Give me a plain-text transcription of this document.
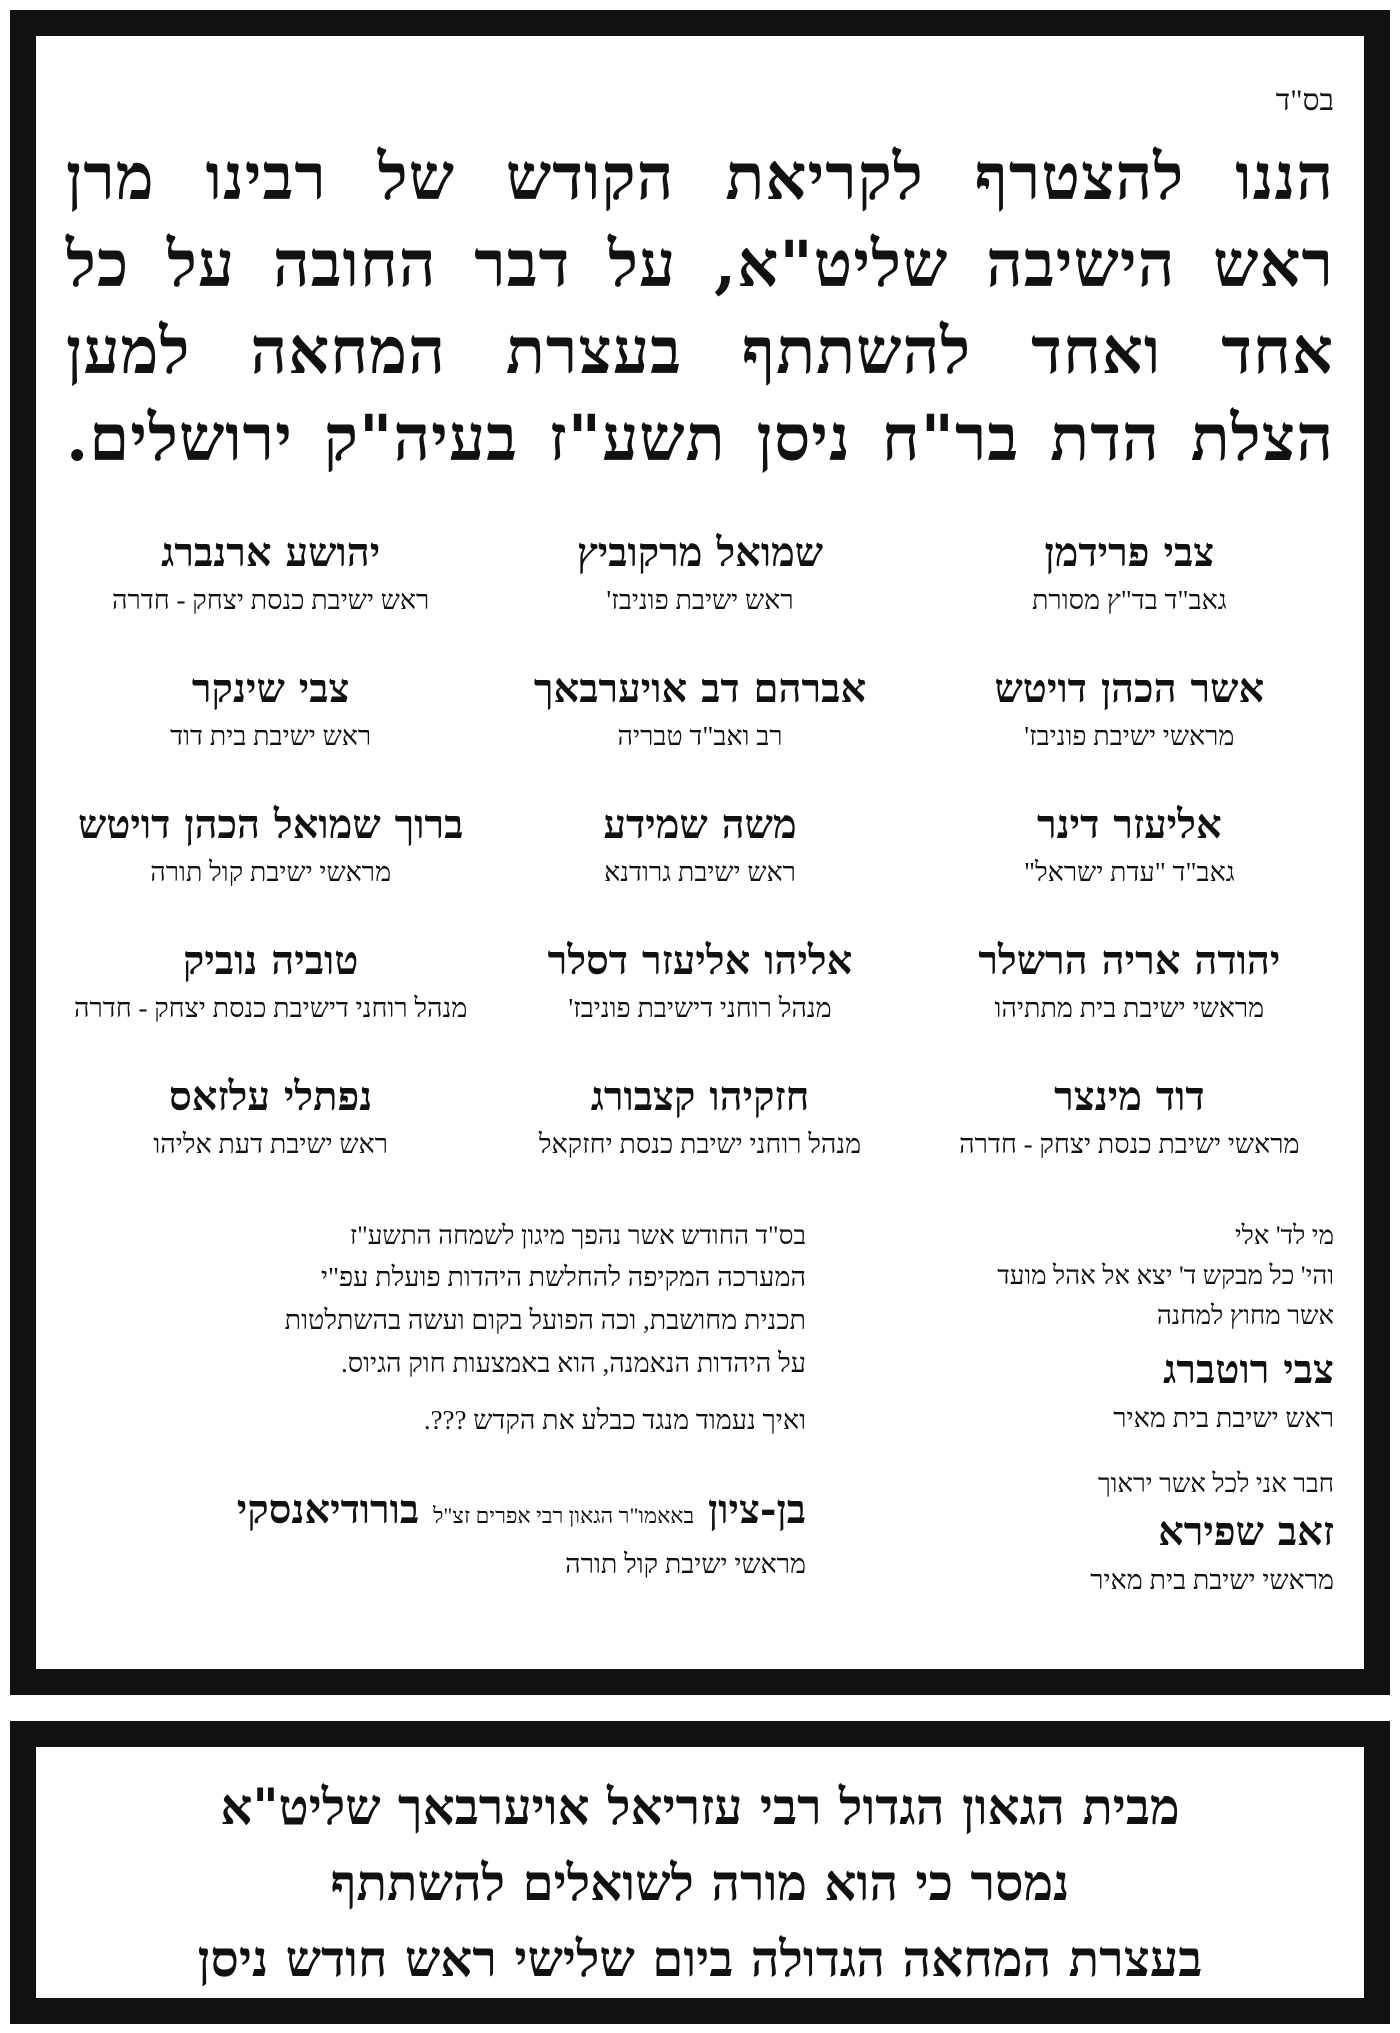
בס"ד
הננו להצטרף לקריאת הקודש של רבינו מרן
ראש הישיבה שליט"א, על דבר החובה על כל
אחד ואחד להשתתף בעצרת המחאה למען
הצלת הדת בר"ח ניסן תשע"ז בעיה"ק ירושלים.
צבי פרידמן
גאב"ד בד"ץ מסורת
שמואל מרקוביץ
ראש ישיבת פוניבז'
יהושע ארנברג
ראש ישיבת כנסת יצחק - חדרה
אשר הכהן דויטש
מראשי ישיבת פוניבז'
אברהם דב אויערבאך
רב ואב"ד טבריה
צבי שינקר
ראש ישיבת בית דוד
אליעזר דינר
גאב"ד "עדת ישראל"
משה שמידע
ראש ישיבת גרודנא
ברוך שמואל הכהן דויטש
מראשי ישיבת קול תורה
יהודה אריה הרשלר
מראשי ישיבת בית מתתיהו
אליהו אליעזר דסלר
מנהל רוחני דישיבת פוניבז'
טוביה נוביק
מנהל רוחני דישיבת כנסת יצחק - חדרה
דוד מינצר
מראשי ישיבת כנסת יצחק - חדרה
חזקיהו קצבורג
מנהל רוחני ישיבת כנסת יחזקאל
נפתלי עלזאס
ראש ישיבת דעת אליהו
מי לד' אלי
והי' כל מבקש ד' יצא אל אהל מועד
אשר מחוץ למחנה
צבי רוטברג
ראש ישיבת בית מאיר
חבר אני לכל אשר יראוך
זאב שפירא
מראשי ישיבת בית מאיר
בס"ד החודש אשר נהפך מיגון לשמחה התשע"ז
המערכה המקיפה להחלשת היהדות פועלת עפ"י
תכנית מחושבת, וכה הפועל בקום ועשה בהשתלטות
על היהדות הנאמנה, הוא באמצעות חוק הגיוס.
ואיך נעמוד מנגד כבלע את הקדש ???.
בן-ציון באאמו"ר הגאון רבי אפרים זצ"ל בורודיאנסקי
מראשי ישיבת קול תורה
מבית הגאון הגדול רבי עזריאל אויערבאך שליט"א
נמסר כי הוא מורה לשואלים להשתתף
בעצרת המחאה הגדולה ביום שלישי ראש חודש ניסן
